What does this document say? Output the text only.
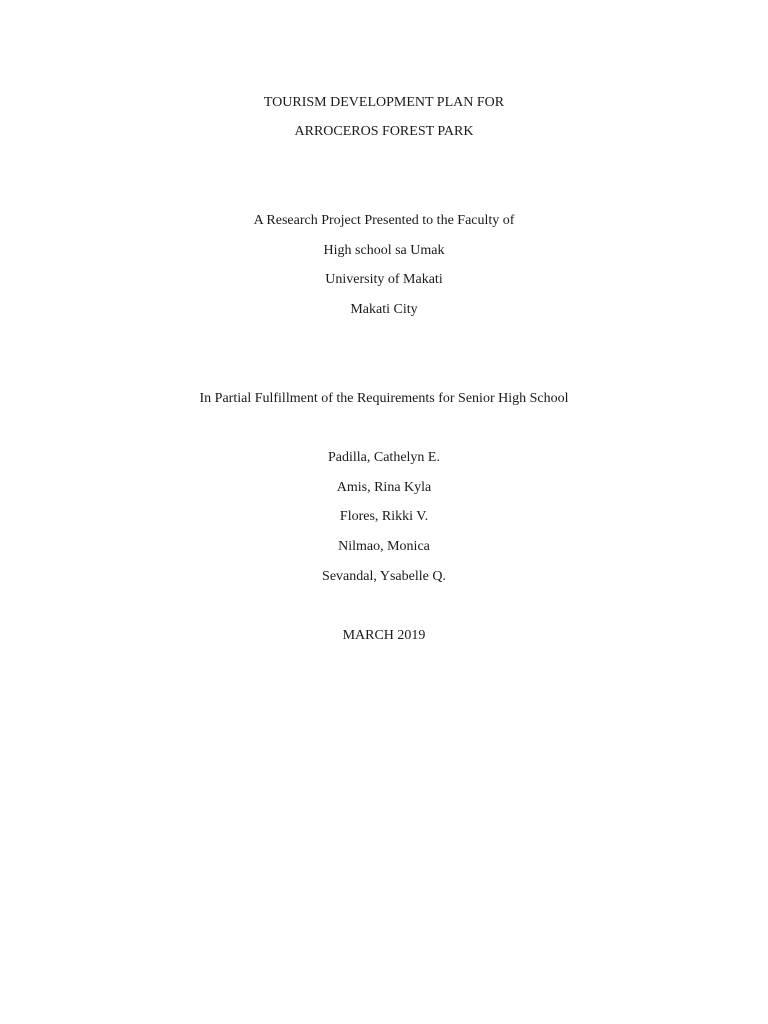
TOURISM DEVELOPMENT PLAN FOR
ARROCEROS FOREST PARK
A Research Project Presented to the Faculty of
High school sa Umak
University of Makati
Makati City
In Partial Fulfillment of the Requirements for Senior High School
Padilla, Cathelyn E.
Amis, Rina Kyla
Flores, Rikki V.
Nilmao, Monica
Sevandal, Ysabelle Q.
MARCH 2019
